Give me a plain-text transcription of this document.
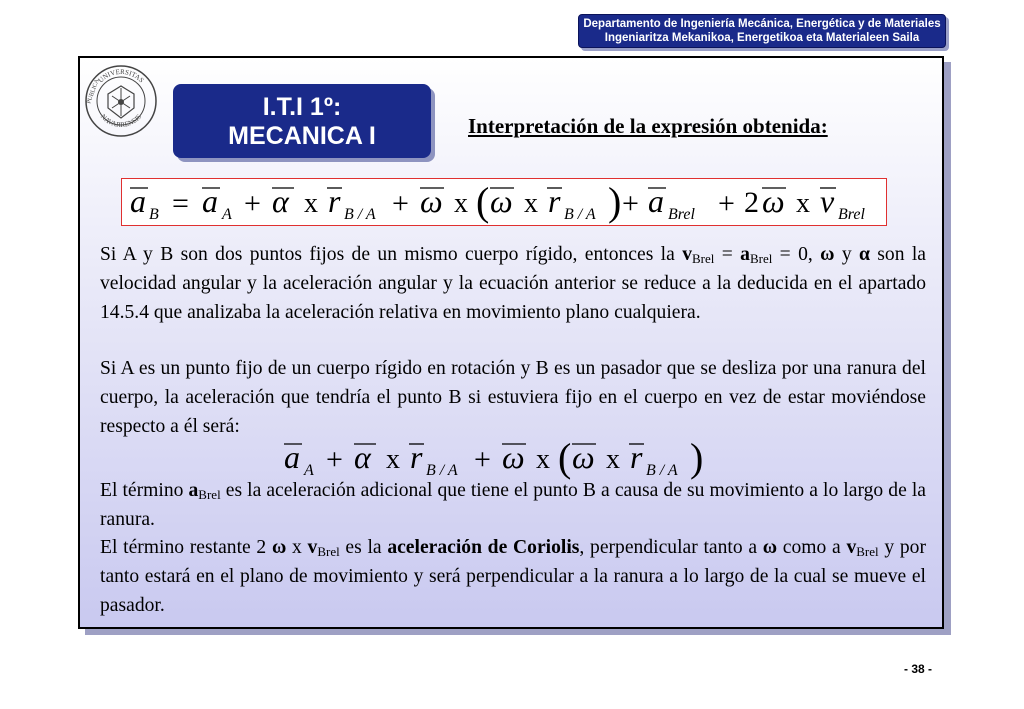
Departamento de Ingeniería Mecánica, Energética y de Materiales
Ingeniaritza Mekanikoa, Energetikoa eta Materialeen Saila
UNIVERSITAS
NAVARRENSIS
PUBLICA
I.T.I 1º:
MECANICA I	Interpretación de la expresión obtenida:
a B = a A + α x r B / A + ω x ( ω x r B / A ) + a Brel + 2 ω x v Brel
Si A y B son dos puntos fijos de un mismo cuerpo rígido, entonces la $v_{Brel} = a_{Brel} = 0$, ω y α son la velocidad angular y la aceleración angular y la ecuación anterior se reduce a la deducida en el apartado 14.5.4 que analizaba la aceleración relativa en movimiento plano cualquiera.
Si A es un punto fijo de un cuerpo rígido en rotación y B es un pasador que se desliza por una ranura del cuerpo, la aceleración que tendría el punto B si estuviera fijo en el cuerpo en vez de estar moviéndose respecto a él será:
a A + α x r B / A + ω x ( ω x r B / A )
El término $a_{Brel}$ es la aceleración adicional que tiene el punto B a causa de su movimiento a lo largo de la ranura.
El término restante 2 ω x $v_{Brel}$ es la aceleración de Coriolis, perpendicular tanto a ω como a $v_{Brel}$ y por tanto estará en el plano de movimiento y será perpendicular a la ranura a lo largo de la cual se mueve el pasador.
- 38 -
